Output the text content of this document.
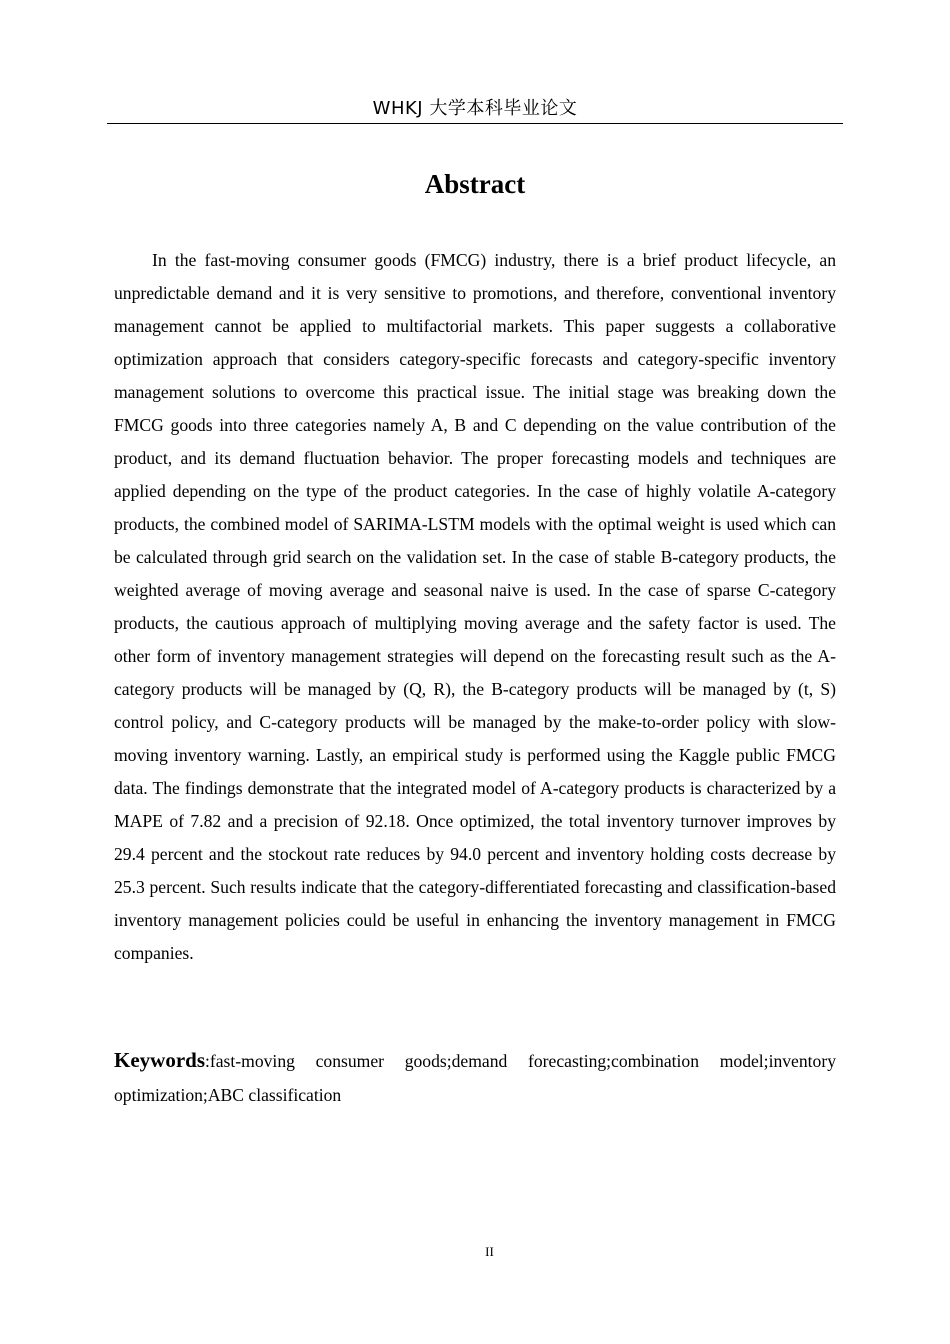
WHKJ 大学本科毕业论文
Abstract

In the fast-moving consumer goods (FMCG) industry, there is a brief product lifecycle, an unpredictable demand and it is very sensitive to promotions, and therefore, conventional inventory management cannot be applied to multifactorial markets. This paper suggests a collaborative optimization approach that considers category-specific forecasts and category-specific inventory management solutions to overcome this practical issue. The initial stage was breaking down the FMCG goods into three categories namely A, B and C depending on the value contribution of the product, and its demand fluctuation behavior. The proper forecasting models and techniques are applied depending on the type of the product categories. In the case of highly volatile A-category products, the combined model of SARIMA-LSTM models with the optimal weight is used which can be calculated through grid search on the validation set. In the case of stable B-category products, the weighted average of moving average and seasonal naive is used. In the case of sparse C-category products, the cautious approach of multiplying moving average and the safety factor is used. The other form of inventory management strategies will depend on the forecasting result such as the A-category products will be managed by (Q, R), the B-category products will be managed by (t, S) control policy, and C-category products will be managed by the make-to-order policy with slow-moving inventory warning. Lastly, an empirical study is performed using the Kaggle public FMCG data. The findings demonstrate that the integrated model of A-category products is characterized by a MAPE of 7.82 and a precision of 92.18. Once optimized, the total inventory turnover improves by 29.4 percent and the stockout rate reduces by 94.0 percent and inventory holding costs decrease by 25.3 percent. Such results indicate that the category-differentiated forecasting and classification-based inventory management policies could be useful in enhancing the inventory management in FMCG companies.

Keywords:fast-moving consumer goods;demand forecasting;combination model;inventory optimization;ABC classification

II
